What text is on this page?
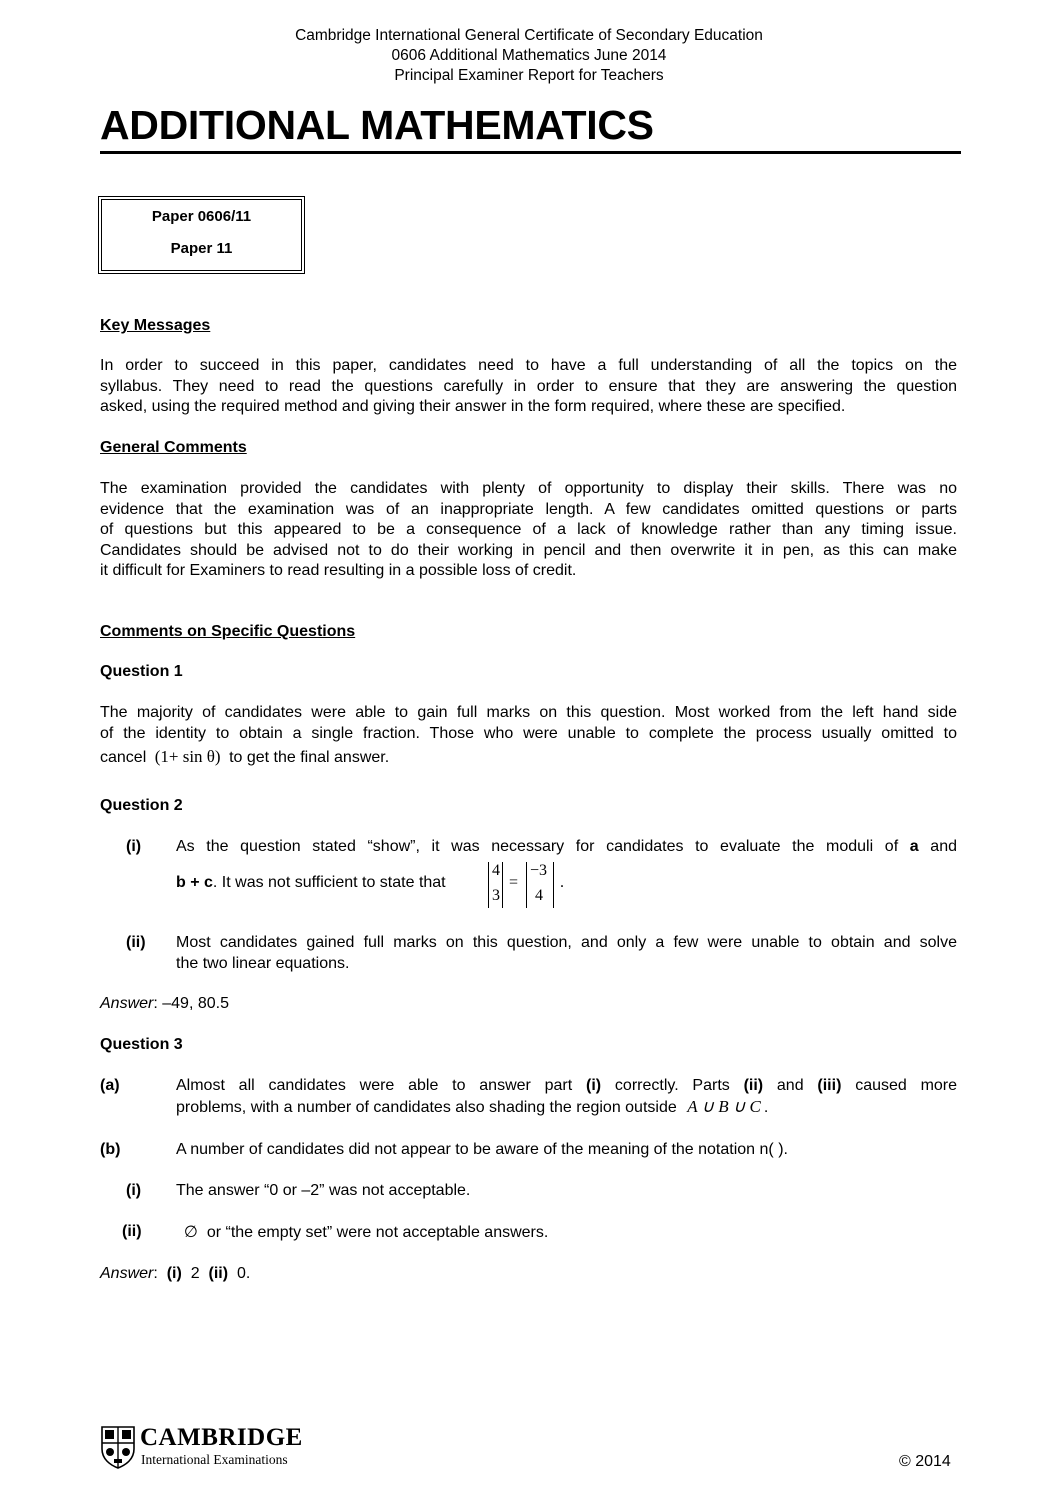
Cambridge International General Certificate of Secondary Education
0606 Additional Mathematics June 2014
Principal Examiner Report for Teachers
ADDITIONAL MATHEMATICS
Paper 0606/11
Paper 11
Key Messages
In order to succeed in this paper, candidates need to have a full understanding of all the topics on the
syllabus. They need to read the questions carefully in order to ensure that they are answering the question
asked, using the required method and giving their answer in the form required, where these are specified.
General Comments
The examination provided the candidates with plenty of opportunity to display their skills. There was no
evidence that the examination was of an inappropriate length. A few candidates omitted questions or parts
of questions but this appeared to be a consequence of a lack of knowledge rather than any timing issue.
Candidates should be advised not to do their working in pencil and then overwrite it in pen, as this can make
it difficult for Examiners to read resulting in a possible loss of credit.
Comments on Specific Questions
Question 1
The majority of candidates were able to gain full marks on this question. Most worked from the left hand side
of the identity to obtain a single fraction. Those who were unable to complete the process usually omitted to
cancel (1+ sin θ) to get the final answer.
Question 2
(i) As the question stated “show”, it was necessary for candidates to evaluate the moduli of a and
b + c. It was not sufficient to state that
4
3
=
−3
4
.
(ii) Most candidates gained full marks on this question, and only a few were unable to obtain and solve
the two linear equations.
Answer: –49, 80.5
Question 3
(a)	Almost all candidates were able to answer part (i) correctly. Parts (ii) and (iii) caused more
problems, with a number of candidates also shading the region outside A ∪ B ∪ C .
(b)	A number of candidates did not appear to be aware of the meaning of the notation n( ).
(i) The answer “0 or –2” was not acceptable.
(ii)	∅ or “the empty set” were not acceptable answers.
Answer: (i) 2 (ii) 0.
CAMBRIDGE
International Examinations	© 2014
